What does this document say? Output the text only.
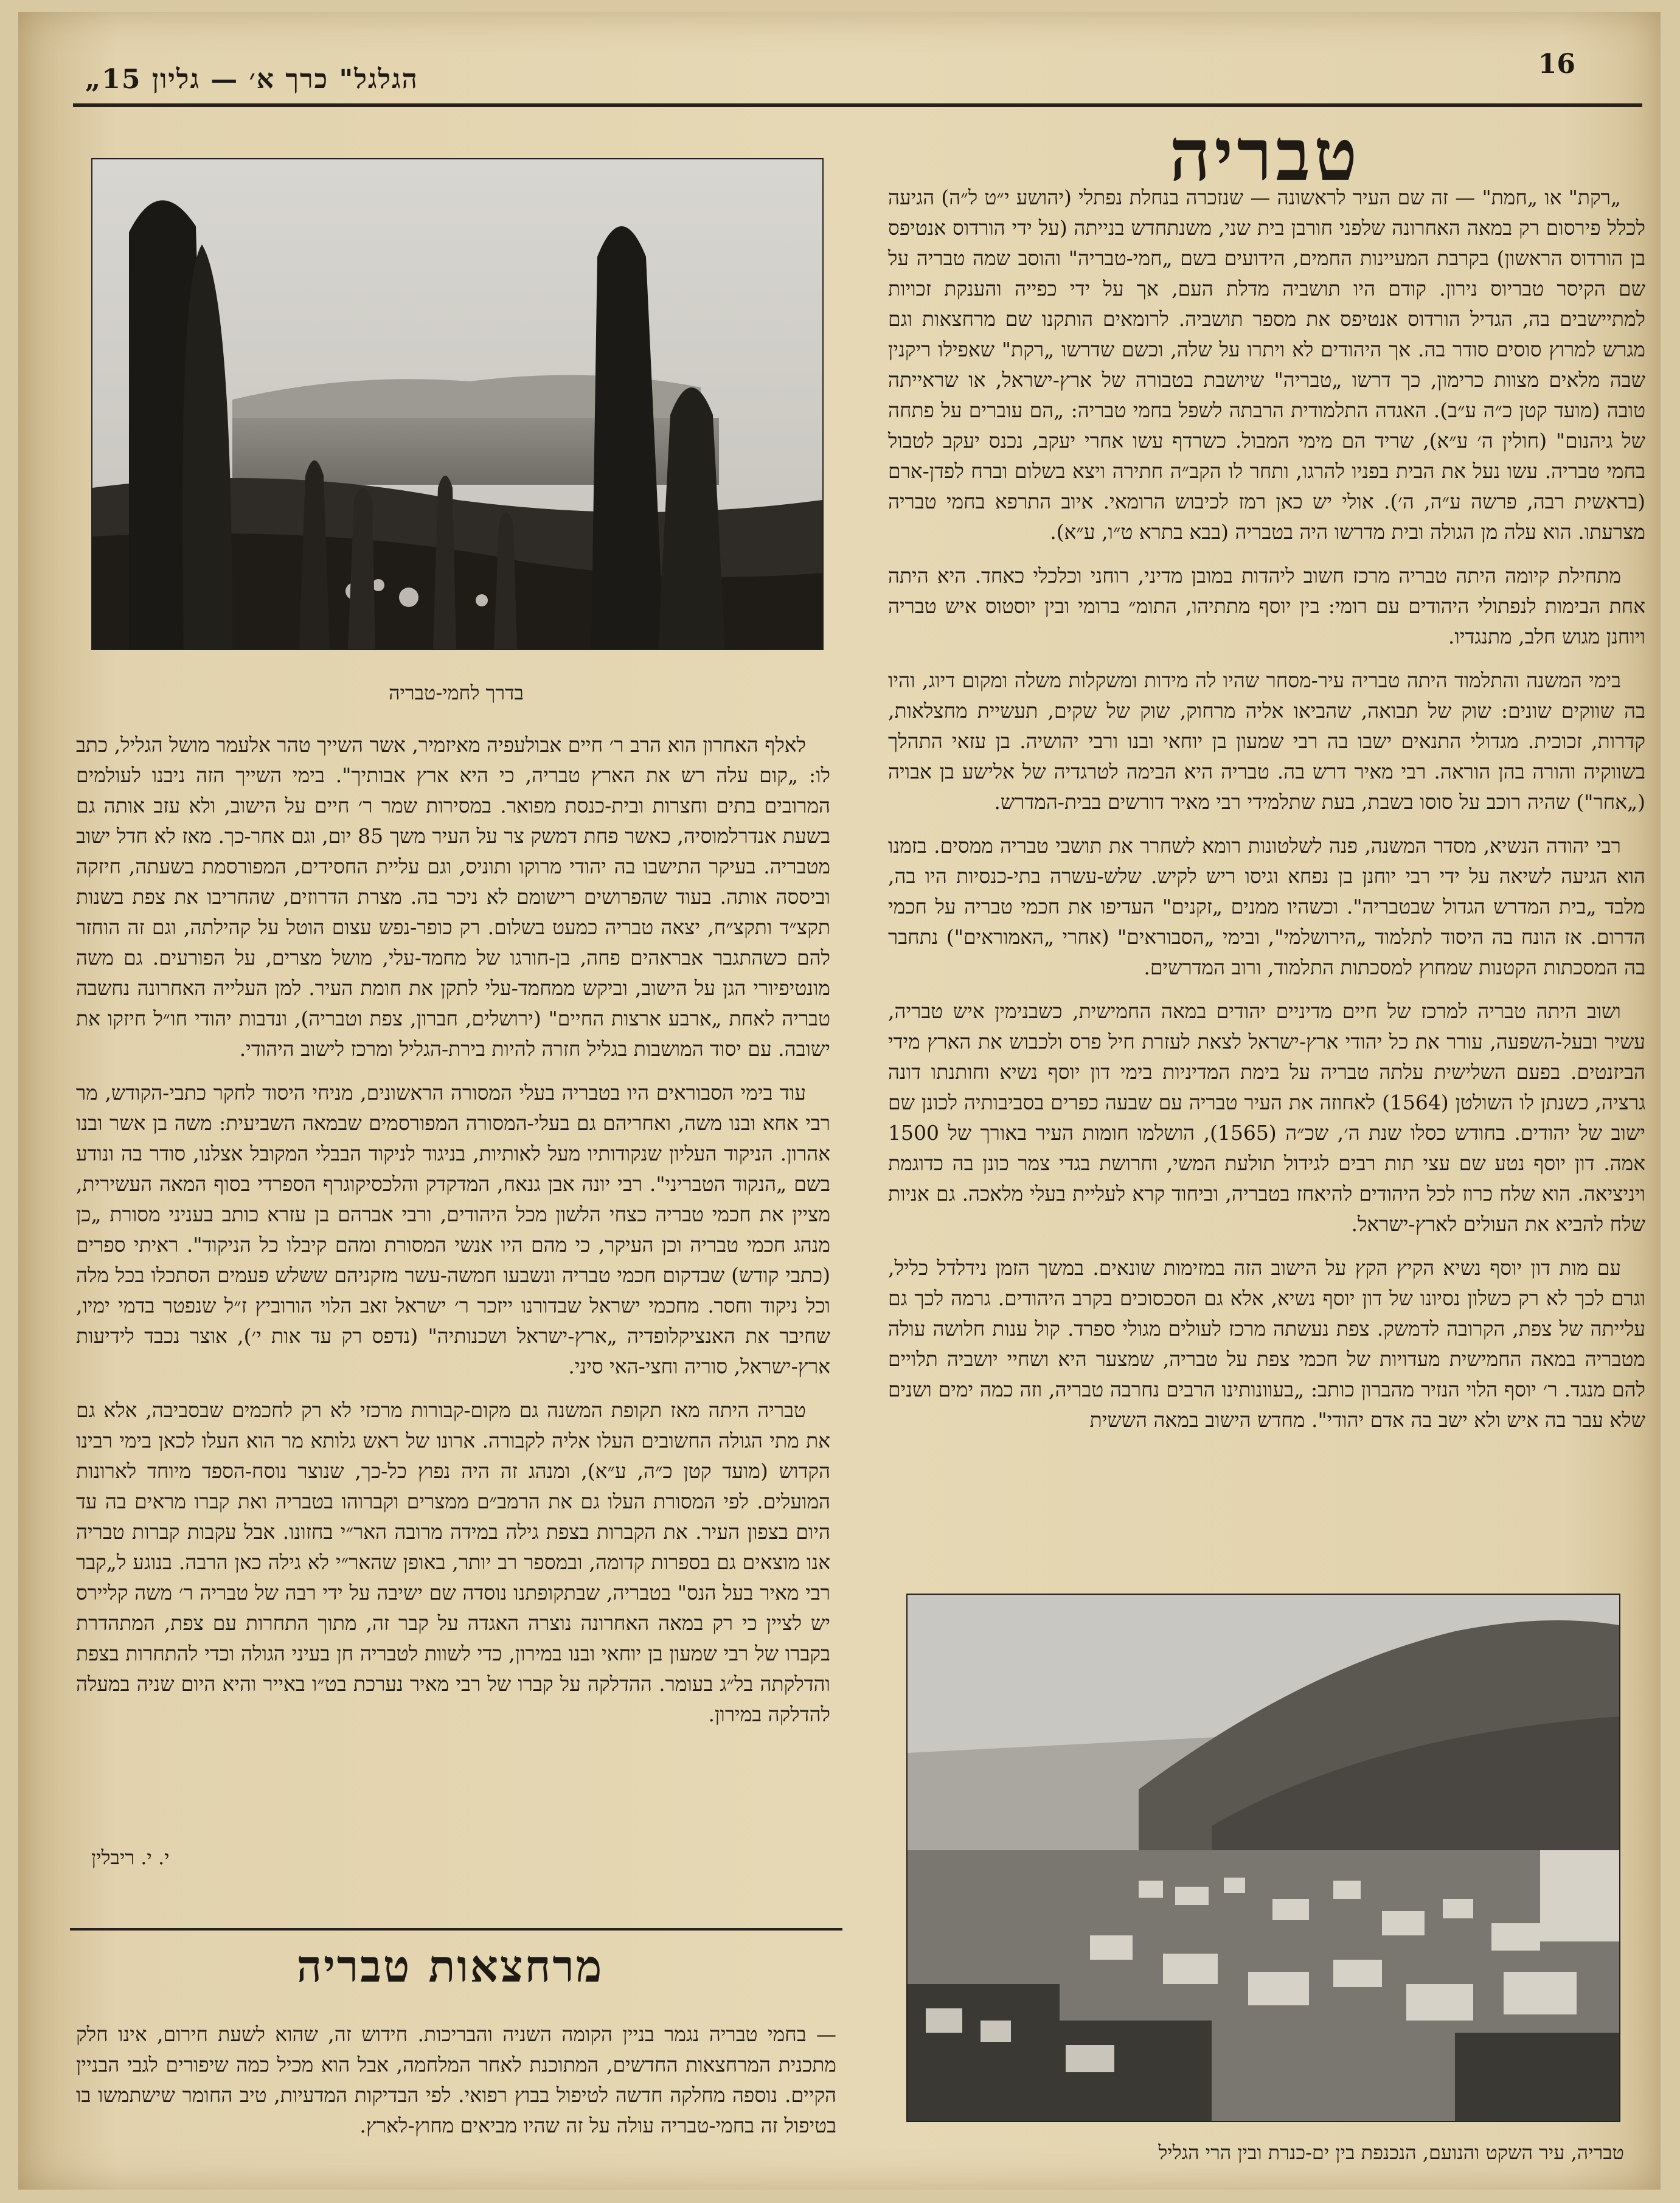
„הגלגל" כרך א׳ — גליון 15	16
טבריה

„רקת" או „חמת" — זה שם העיר לראשונה — שנזכרה בנחלת נפתלי (יהושע י״ט ל״ה) הגיעה לכלל פירסום רק במאה האחרונה שלפני חורבן בית שני, משנתחדש בנייתה (על ידי הורדוס אנטיפס בן הורדוס הראשון) בקרבת המעיינות החמים, הידועים בשם „חמי-טבריה" והוסב שמה טבריה על שם הקיסר טבריוס נירון. קודם היו תושביה מדלת העם, אך על ידי כפייה והענקת זכויות למתיישבים בה, הגדיל הורדוס אנטיפס את מספר תושביה. לרומאים הותקנו שם מרחצאות וגם מגרש למרוץ סוסים סודר בה. אך היהודים לא ויתרו על שלה, וכשם שדרשו „רקת" שאפילו ריקנין שבה מלאים מצוות כרימון, כך דרשו „טבריה" שיושבת בטבורה של ארץ-ישראל, או שראייתה טובה (מועד קטן כ״ה ע״ב). האגדה התלמודית הרבתה לשפל בחמי טבריה: „הם עוברים על פתחה של גיהנום" (חולין ה׳ ע״א), שריד הם מימי המבול. כשרדף עשו אחרי יעקב, נכנס יעקב לטבול בחמי טבריה. עשו נעל את הבית בפניו להרגו, ותחר לו הקב״ה חתירה ויצא בשלום וברח לפדן-ארם (בראשית רבה, פרשה ע״ה, ה׳). אולי יש כאן רמז לכיבוש הרומאי. איוב התרפא בחמי טבריה מצרעתו. הוא עלה מן הגולה ובית מדרשו היה בטבריה (בבא בתרא ט״ו, ע״א).

מתחילת קיומה היתה טבריה מרכז חשוב ליהדות במובן מדיני, רוחני וכלכלי כאחד. היא היתה אחת הבימות לנפתולי היהודים עם רומי: בין יוסף מתתיהו, התומ״ ברומי ובין יוסטוס איש טבריה ויוחנן מגוש חלב, מתנגדיו.

בימי המשנה והתלמוד היתה טבריה עיר-מסחר שהיו לה מידות ומשקלות משלה ומקום דיוג, והיו בה שווקים שונים: שוק של תבואה, שהביאו אליה מרחוק, שוק של שקים, תעשיית מחצלאות, קדרות, זכוכית. מגדולי התנאים ישבו בה רבי שמעון בן יוחאי ובנו ורבי יהושיה. בן עזאי התהלך בשווקיה והורה בהן הוראה. רבי מאיר דרש בה. טבריה היא הבימה לטרגדיה של אלישע בן אבויה („אחר") שהיה רוכב על סוסו בשבת, בעת שתלמידי רבי מאיר דורשים בבית-המדרש.

רבי יהודה הנשיא, מסדר המשנה, פנה לשלטונות רומא לשחרר את תושבי טבריה ממסים. בזמנו הוא הגיעה לשיאה על ידי רבי יוחנן בן נפחא וגיסו ריש לקיש. שלש-עשרה בתי-כנסיות היו בה, מלבד „בית המדרש הגדול שבטבריה". וכשהיו ממנים „זקנים" העדיפו את חכמי טבריה על חכמי הדרום. אז הונח בה היסוד לתלמוד „הירושלמי", ובימי „הסבוראים" (אחרי „האמוראים") נתחבר בה המסכתות הקטנות שמחוץ למסכתות התלמוד, ורוב המדרשים.

ושוב היתה טבריה למרכז של חיים מדיניים יהודים במאה החמישית, כשבנימין איש טבריה, עשיר ובעל-השפעה, עורר את כל יהודי ארץ-ישראל לצאת לעזרת חיל פרס ולכבוש את הארץ מידי הביזנטים. בפעם השלישית עלתה טבריה על בימת המדיניות בימי דון יוסף נשיא וחותנתו דונה גרציה, כשנתן לו השולטן (1564) לאחוזה את העיר טבריה עם שבעה כפרים בסביבותיה לכונן שם ישוב של יהודים. בחודש כסלו שנת ה׳, שכ״ה (1565), הושלמו חומות העיר באורך של 1500 אמה. דון יוסף נטע שם עצי תות רבים לגידול תולעת המשי, וחרושת בגדי צמר כונן בה כדוגמת ויניציאה. הוא שלח כרוז לכל היהודים להיאחז בטבריה, וביחוד קרא לעליית בעלי מלאכה. גם אניות שלח להביא את העולים לארץ-ישראל.

עם מות דון יוסף נשיא הקיץ הקץ על הישוב הזה במזימות שונאים. במשך הזמן נידלדל כליל, וגרם לכך לא רק כשלון נסיונו של דון יוסף נשיא, אלא גם הסכסוכים בקרב היהודים. גרמה לכך גם עלייתה של צפת, הקרובה לדמשק. צפת נעשתה מרכז לעולים מגולי ספרד. קול ענות חלושה עולה מטבריה במאה החמישית מעדויות של חכמי צפת על טבריה, שמצער היא ושחיי יושביה תלויים להם מנגד. ר׳ יוסף הלוי הנזיר מהברון כותב: „בעוונותינו הרבים נחרבה טבריה, וזה כמה ימים ושנים שלא עבר בה איש ולא ישב בה אדם יהודי". מחדש הישוב במאה הששית

בדרך לחמי-טבריה

לאלף האחרון הוא הרב ר׳ חיים אבולעפיה מאיזמיר, אשר השייך טהר אלעמר מושל הגליל, כתב לו: „קום עלה רש את הארץ טבריה, כי היא ארץ אבותיך". בימי השייך הזה ניבנו לעולמים המרובים בתים וחצרות ובית-כנסת מפואר. במסירות שמר ר׳ חיים על הישוב, ולא עזב אותה גם בשעת אנדרלמוסיה, כאשר פחת דמשק צר על העיר משך 85 יום, וגם אחר-כך. מאז לא חדל ישוב מטבריה. בעיקר התישבו בה יהודי מרוקו ותוניס, וגם עליית החסידים, המפורסמת בשעתה, חיזקה וביססה אותה. בעוד שהפרושים רישומם לא ניכר בה. מצרת הדרוזים, שהחריבו את צפת בשנות תקצ״ד ותקצ״ח, יצאה טבריה כמעט בשלום. רק כופר-נפש עצום הוטל על קהילתה, וגם זה הוחזר להם כשהתגבר אבראהים פחה, בן-חורגו של מחמד-עלי, מושל מצרים, על הפורעים. גם משה מונטיפיורי הגן על הישוב, וביקש ממחמד-עלי לתקן את חומת העיר. למן העלייה האחרונה נחשבה טבריה לאחת „ארבע ארצות החיים" (ירושלים, חברון, צפת וטבריה), ונדבות יהודי חו״ל חיזקו את ישובה. עם יסוד המושבות בגליל חזרה להיות בירת-הגליל ומרכז לישוב היהודי.

עוד בימי הסבוראים היו בטבריה בעלי המסורה הראשונים, מניחי היסוד לחקר כתבי-הקודש, מר רבי אחא ובנו משה, ואחריהם גם בעלי-המסורה המפורסמים שבמאה השביעית: משה בן אשר ובנו אהרון. הניקוד העליון שנקודותיו מעל לאותיות, בניגוד לניקוד הבבלי המקובל אצלנו, סודר בה ונודע בשם „הנקוד הטבריני". רבי יונה אבן גנאח, המדקדק והלכסיקוגרף הספרדי בסוף המאה העשירית, מציין את חכמי טבריה כצחי הלשון מכל היהודים, ורבי אברהם בן עזרא כותב בעניני מסורת „כן מנהג חכמי טבריה וכן העיקר, כי מהם היו אנשי המסורת ומהם קיבלו כל הניקוד". ראיתי ספרים (כתבי קודש) שבדקום חכמי טבריה ונשבעו חמשה-עשר מזקניהם ששלש פעמים הסתכלו בכל מלה וכל ניקוד וחסר. מחכמי ישראל שבדורנו ייזכר ר׳ ישראל זאב הלוי הורוביץ ז״ל שנפטר בדמי ימיו, שחיבר את האנציקלופדיה „ארץ-ישראל ושכנותיה" (נדפס רק עד אות י׳), אוצר נכבד לידיעות ארץ-ישראל, סוריה וחצי-האי סיני.

טבריה היתה מאז תקופת המשנה גם מקום-קבורות מרכזי לא רק לחכמים שבסביבה, אלא גם את מתי הגולה החשובים העלו אליה לקבורה. ארונו של ראש גלותא מר הוא העלו לכאן בימי רבינו הקדוש (מועד קטן כ״ה, ע״א), ומנהג זה היה נפוץ כל-כך, שנוצר נוסח-הספד מיוחד לארונות המועלים. לפי המסורת העלו גם את הרמב״ם ממצרים וקברוהו בטבריה ואת קברו מראים בה עד היום בצפון העיר. את הקברות בצפת גילה במידה מרובה האר״י בחזונו. אבל עקבות קברות טבריה אנו מוצאים גם בספרות קדומה, ובמספר רב יותר, באופן שהאר״י לא גילה כאן הרבה. בנוגע ל„קבר רבי מאיר בעל הנס" בטבריה, שבתקופתנו נוסדה שם ישיבה על ידי רבה של טבריה ר׳ משה קליירס יש לציין כי רק במאה האחרונה נוצרה האגדה על קבר זה, מתוך התחרות עם צפת, המתהדרת בקברו של רבי שמעון בן יוחאי ובנו במירון, כדי לשוות לטבריה חן בעיני הגולה וכדי להתחרות בצפת והדלקתה בל״ג בעומר. ההדלקה על קברו של רבי מאיר נערכת בט״ו באייר והיא היום שניה במעלה להדלקה במירון.

י. י. ריבלין
מרחצאות טבריה
— בחמי טבריה נגמר בניין הקומה השניה והבריכות. חידוש זה, שהוא לשעת חירום, אינו חלק מתכנית המרחצאות החדשים, המתוכנת לאחר המלחמה, אבל הוא מכיל כמה שיפורים לגבי הבניין הקיים. נוספה מחלקה חדשה לטיפול בבוץ רפואי. לפי הבדיקות המדעיות, טיב החומר שישתמשו בו בטיפול זה בחמי-טבריה עולה על זה שהיו מביאים מחוץ-לארץ.
טבריה, עיר השקט והנועם, הנכנפת בין ים-כנרת ובין הרי הגליל
